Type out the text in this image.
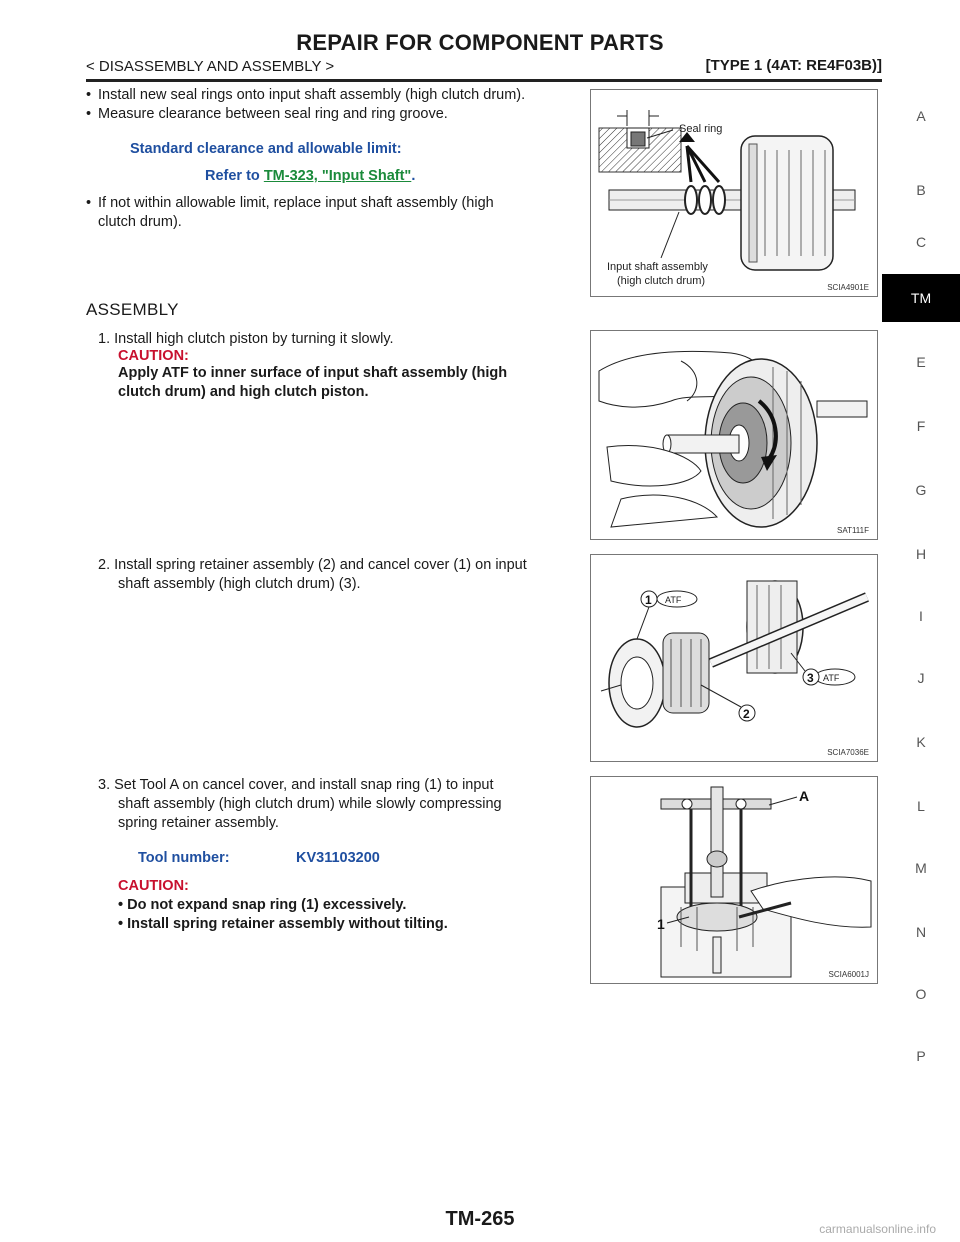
REPAIR FOR COMPONENT PARTS
< DISASSEMBLY AND ASSEMBLY >	[TYPE 1 (4AT: RE4F03B)]
A
B
C
TM
E
F
G
H
I
J
K
L
M
N
O
P
• Install new seal rings onto input shaft assembly (high clutch drum).
• Measure clearance between seal ring and ring groove.
Standard clearance and allowable limit:
Refer to TM-323, "Input Shaft".
• If not within allowable limit, replace input shaft assembly (high
clutch drum).
Seal ring
Input shaft assembly
(high clutch drum)
SCIA4901E
ASSEMBLY
1. Install high clutch piston by turning it slowly.
CAUTION:
Apply ATF to inner surface of input shaft assembly (high
clutch drum) and high clutch piston.
SAT111F
2. Install spring retainer assembly (2) and cancel cover (1) on input
shaft assembly (high clutch drum) (3).
ATF
ATF
1
2
3
SCIA7036E
3. Set Tool A on cancel cover, and install snap ring (1) to input
shaft assembly (high clutch drum) while slowly compressing
spring retainer assembly.
Tool number:	KV31103200
CAUTION:
• Do not expand snap ring (1) excessively.
• Install spring retainer assembly without tilting.
A
1
SCIA6001J
TM-265	carmanualsonline.info
